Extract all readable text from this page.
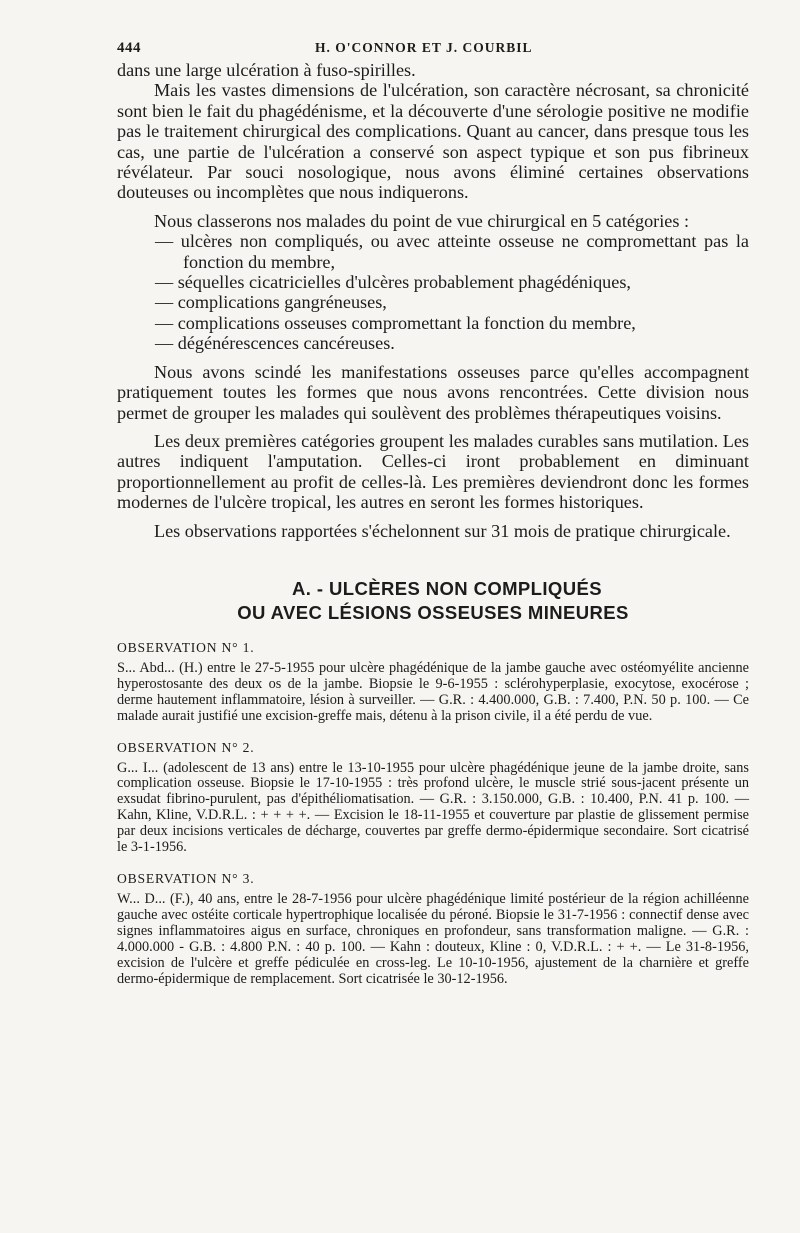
444	H. O'CONNOR ET J. COURBIL

dans une large ulcération à fuso-spirilles.

Mais les vastes dimensions de l'ulcération, son caractère nécrosant, sa chronicité sont bien le fait du phagédénisme, et la découverte d'une sérologie positive ne modifie pas le traitement chirurgical des complications. Quant au cancer, dans presque tous les cas, une partie de l'ulcération a conservé son aspect typique et son pus fibrineux révélateur. Par souci nosologique, nous avons éliminé certaines observations douteuses ou incomplètes que nous indiquerons.

Nous classerons nos malades du point de vue chirurgical en 5 catégories :

— ulcères non compliqués, ou avec atteinte osseuse ne compromettant pas la fonction du membre,
— séquelles cicatricielles d'ulcères probablement phagédéniques,
— complications gangréneuses,
— complications osseuses compromettant la fonction du membre,
— dégénérescences cancéreuses.

Nous avons scindé les manifestations osseuses parce qu'elles accompagnent pratiquement toutes les formes que nous avons rencontrées. Cette division nous permet de grouper les malades qui soulèvent des problèmes thérapeutiques voisins.

Les deux premières catégories groupent les malades curables sans mutilation. Les autres indiquent l'amputation. Celles-ci iront probablement en diminuant proportionnellement au profit de celles-là. Les premières deviendront donc les formes modernes de l'ulcère tropical, les autres en seront les formes historiques.

Les observations rapportées s'échelonnent sur 31 mois de pratique chirurgicale.

A. - ULCÈRES NON COMPLIQUÉS
OU AVEC LÉSIONS OSSEUSES MINEURES
OBSERVATION N° 1.

S... Abd... (H.) entre le 27-5-1955 pour ulcère phagédénique de la jambe gauche avec ostéomyélite ancienne hyperostosante des deux os de la jambe. Biopsie le 9-6-1955 : sclérohyperplasie, exocytose, exocérose ; derme hautement inflammatoire, lésion à surveiller. — G.R. : 4.400.000, G.B. : 7.400, P.N. 50 p. 100. — Ce malade aurait justifié une excision-greffe mais, détenu à la prison civile, il a été perdu de vue.

OBSERVATION N° 2.

G... I... (adolescent de 13 ans) entre le 13-10-1955 pour ulcère phagédénique jeune de la jambe droite, sans complication osseuse. Biopsie le 17-10-1955 : très profond ulcère, le muscle strié sous-jacent présente un exsudat fibrino-purulent, pas d'épithéliomatisation. — G.R. : 3.150.000, G.B. : 10.400, P.N. 41 p. 100. — Kahn, Kline, V.D.R.L. : + + + +. — Excision le 18-11-1955 et couverture par plastie de glissement permise par deux incisions verticales de décharge, couvertes par greffe dermo-épidermique secondaire. Sort cicatrisé le 3-1-1956.

OBSERVATION N° 3.

W... D... (F.), 40 ans, entre le 28-7-1956 pour ulcère phagédénique limité postérieur de la région achilléenne gauche avec ostéite corticale hypertrophique localisée du péroné. Biopsie le 31-7-1956 : connectif dense avec signes inflammatoires aigus en surface, chroniques en profondeur, sans transformation maligne. — G.R. : 4.000.000 - G.B. : 4.800 P.N. : 40 p. 100. — Kahn : douteux, Kline : 0, V.D.R.L. : + +. — Le 31-8-1956, excision de l'ulcère et greffe pédiculée en cross-leg. Le 10-10-1956, ajustement de la charnière et greffe dermo-épidermique de remplacement. Sort cicatrisée le 30-12-1956.
